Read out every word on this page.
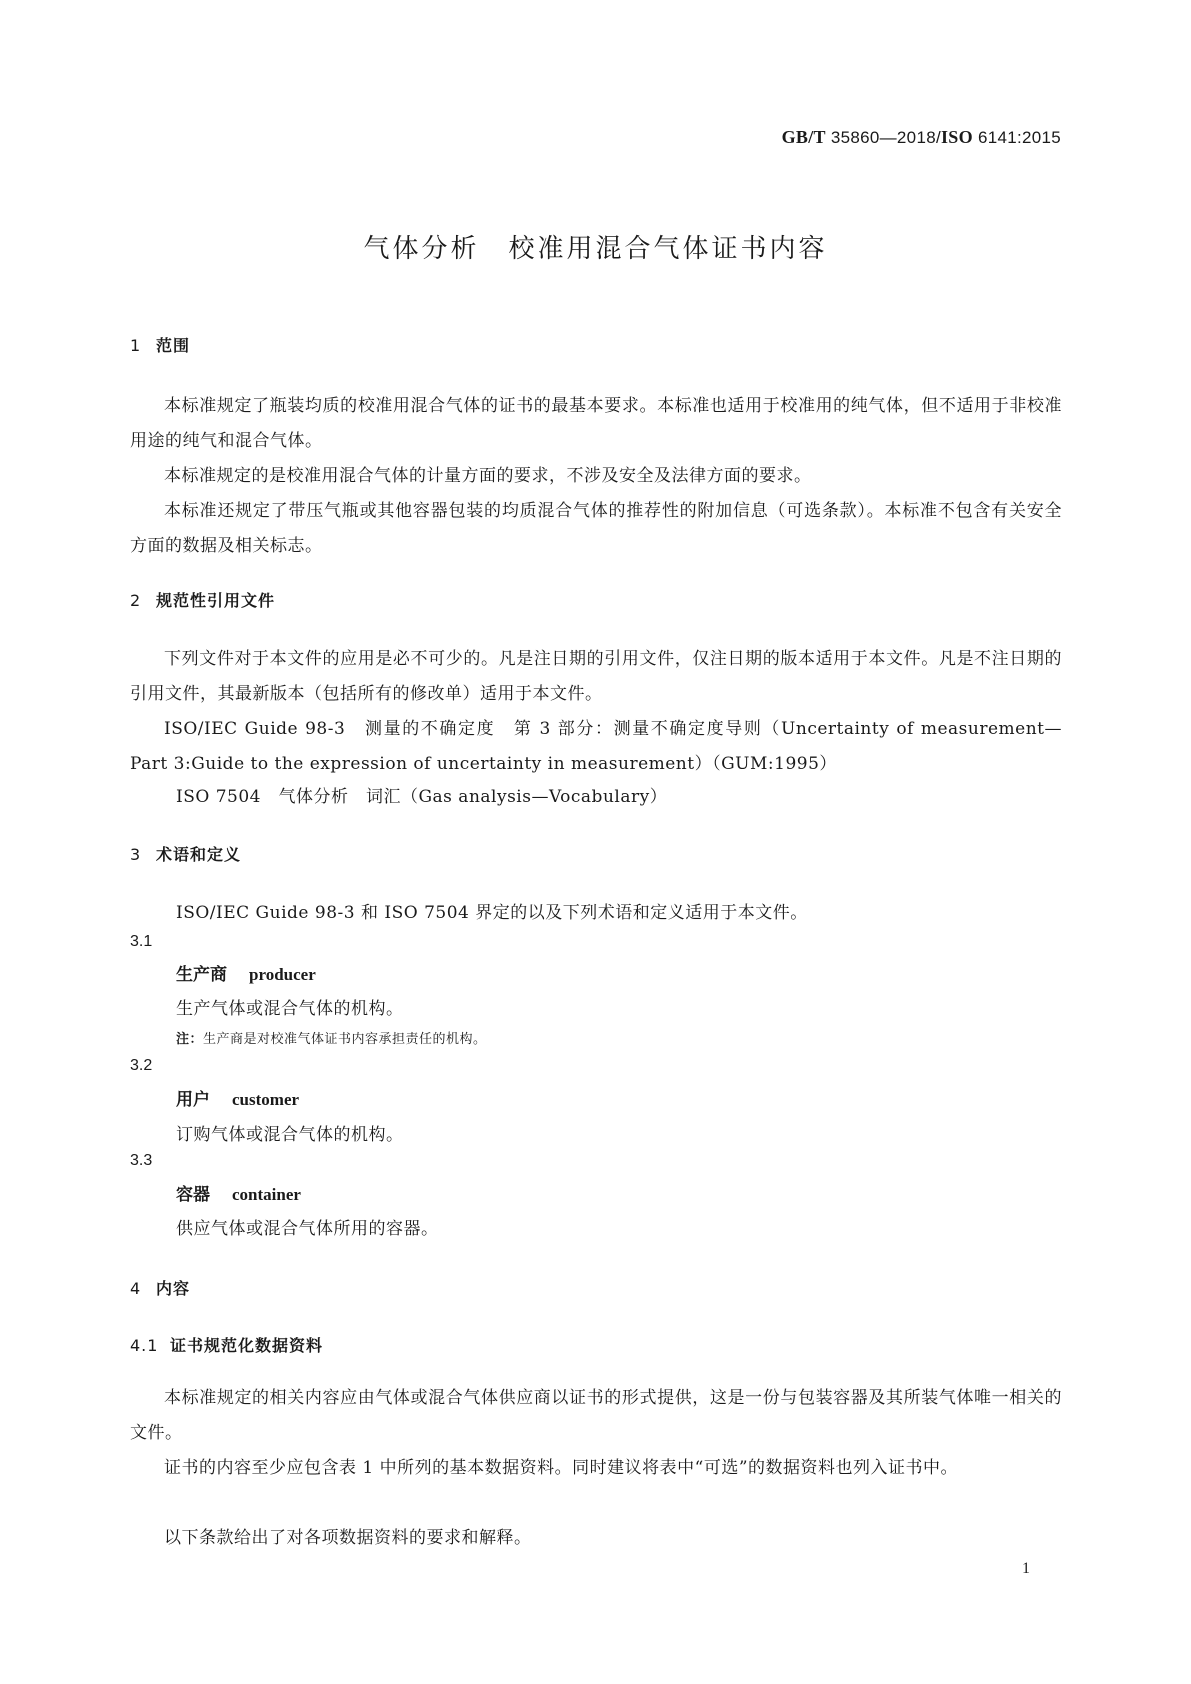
GB/T 35860—2018/ISO 6141:2015
气体分析　校准用混合气体证书内容
1 范围
本标准规定了瓶装均质的校准用混合气体的证书的最基本要求。本标准也适用于校准用的纯气体，但不适用于非校准用途的纯气和混合气体。
本标准规定的是校准用混合气体的计量方面的要求，不涉及安全及法律方面的要求。
本标准还规定了带压气瓶或其他容器包装的均质混合气体的推荐性的附加信息（可选条款）。本标准不包含有关安全方面的数据及相关标志。
2 规范性引用文件
下列文件对于本文件的应用是必不可少的。凡是注日期的引用文件，仅注日期的版本适用于本文件。凡是不注日期的引用文件，其最新版本（包括所有的修改单）适用于本文件。
ISO/IEC Guide 98-3　测量的不确定度　第 3 部分：测量不确定度导则（Uncertainty of measurement—Part 3:Guide to the expression of uncertainty in measurement）（GUM:1995）
ISO 7504　气体分析　词汇（Gas analysis—Vocabulary）
3 术语和定义
ISO/IEC Guide 98-3 和 ISO 7504 界定的以及下列术语和定义适用于本文件。
3.1
生产商 producer
生产气体或混合气体的机构。
注：生产商是对校准气体证书内容承担责任的机构。
3.2
用户 customer
订购气体或混合气体的机构。
3.3
容器 container
供应气体或混合气体所用的容器。
4 内容
4.1 证书规范化数据资料
本标准规定的相关内容应由气体或混合气体供应商以证书的形式提供，这是一份与包装容器及其所装气体唯一相关的文件。
证书的内容至少应包含表 1 中所列的基本数据资料。同时建议将表中“可选”的数据资料也列入证书中。
以下条款给出了对各项数据资料的要求和解释。
1
